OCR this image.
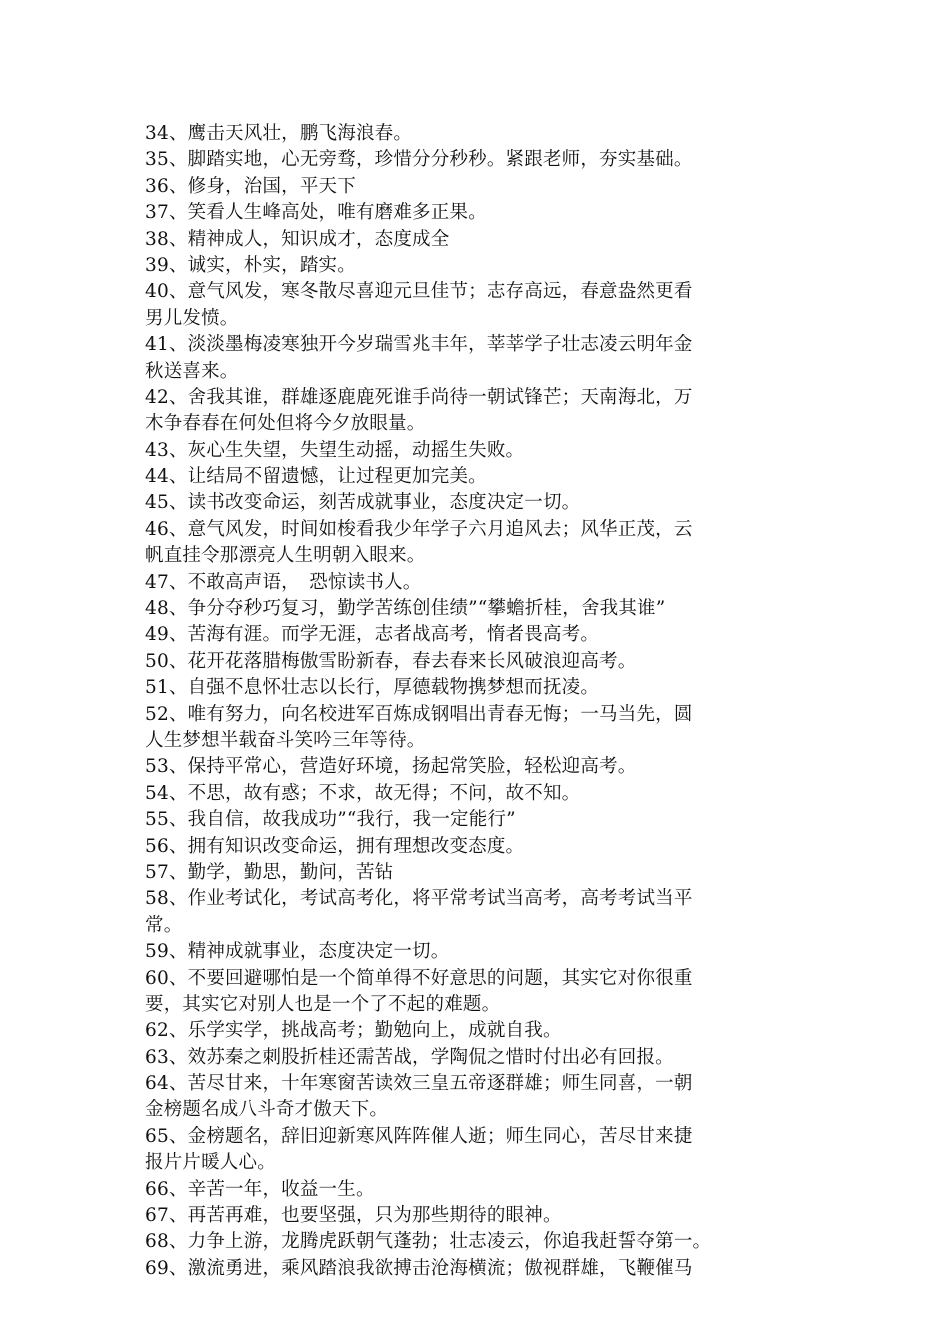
34、鹰击天风壮，鹏飞海浪春。
35、脚踏实地，心无旁骛，珍惜分分秒秒。紧跟老师，夯实基础。
36、修身，治国，平天下
37、笑看人生峰高处，唯有磨难多正果。
38、精神成人，知识成才，态度成全
39、诚实，朴实，踏实。
40、意气风发，寒冬散尽喜迎元旦佳节；志存高远，春意盎然更看
男儿发愤。
41、淡淡墨梅凌寒独开今岁瑞雪兆丰年，莘莘学子壮志凌云明年金
秋送喜来。
42、舍我其谁，群雄逐鹿鹿死谁手尚待一朝试锋芒；天南海北，万
木争春春在何处但将今夕放眼量。
43、灰心生失望，失望生动摇，动摇生失败。
44、让结局不留遗憾，让过程更加完美。
45、读书改变命运，刻苦成就事业，态度决定一切。
46、意气风发，时间如梭看我少年学子六月追风去；风华正茂，云
帆直挂令那漂亮人生明朝入眼来。
47、不敢高声语，　恐惊读书人。
48、争分夺秒巧复习，勤学苦练创佳绩”“攀蟾折桂，舍我其谁”
49、苦海有涯。而学无涯，志者战高考，惰者畏高考。
50、花开花落腊梅傲雪盼新春，春去春来长风破浪迎高考。
51、自强不息怀壮志以长行，厚德载物携梦想而抚凌。
52、唯有努力，向名校进军百炼成钢唱出青春无悔；一马当先，圆
人生梦想半载奋斗笑吟三年等待。
53、保持平常心，营造好环境，扬起常笑脸，轻松迎高考。
54、不思，故有惑；不求，故无得；不问，故不知。
55、我自信，故我成功”“我行，我一定能行”
56、拥有知识改变命运，拥有理想改变态度。
57、勤学，勤思，勤问，苦钻
58、作业考试化，考试高考化，将平常考试当高考，高考考试当平
常。
59、精神成就事业，态度决定一切。
60、不要回避哪怕是一个简单得不好意思的问题，其实它对你很重
要，其实它对别人也是一个了不起的难题。
62、乐学实学，挑战高考；勤勉向上，成就自我。
63、效苏秦之刺股折桂还需苦战，学陶侃之惜时付出必有回报。
64、苦尽甘来，十年寒窗苦读效三皇五帝逐群雄；师生同喜，一朝
金榜题名成八斗奇才傲天下。
65、金榜题名，辞旧迎新寒风阵阵催人逝；师生同心，苦尽甘来捷
报片片暖人心。
66、辛苦一年，收益一生。
67、再苦再难，也要坚强，只为那些期待的眼神。
68、力争上游，龙腾虎跃朝气蓬勃；壮志凌云，你追我赶誓夺第一。
69、激流勇进，乘风踏浪我欲搏击沧海横流；傲视群雄，飞鞭催马
